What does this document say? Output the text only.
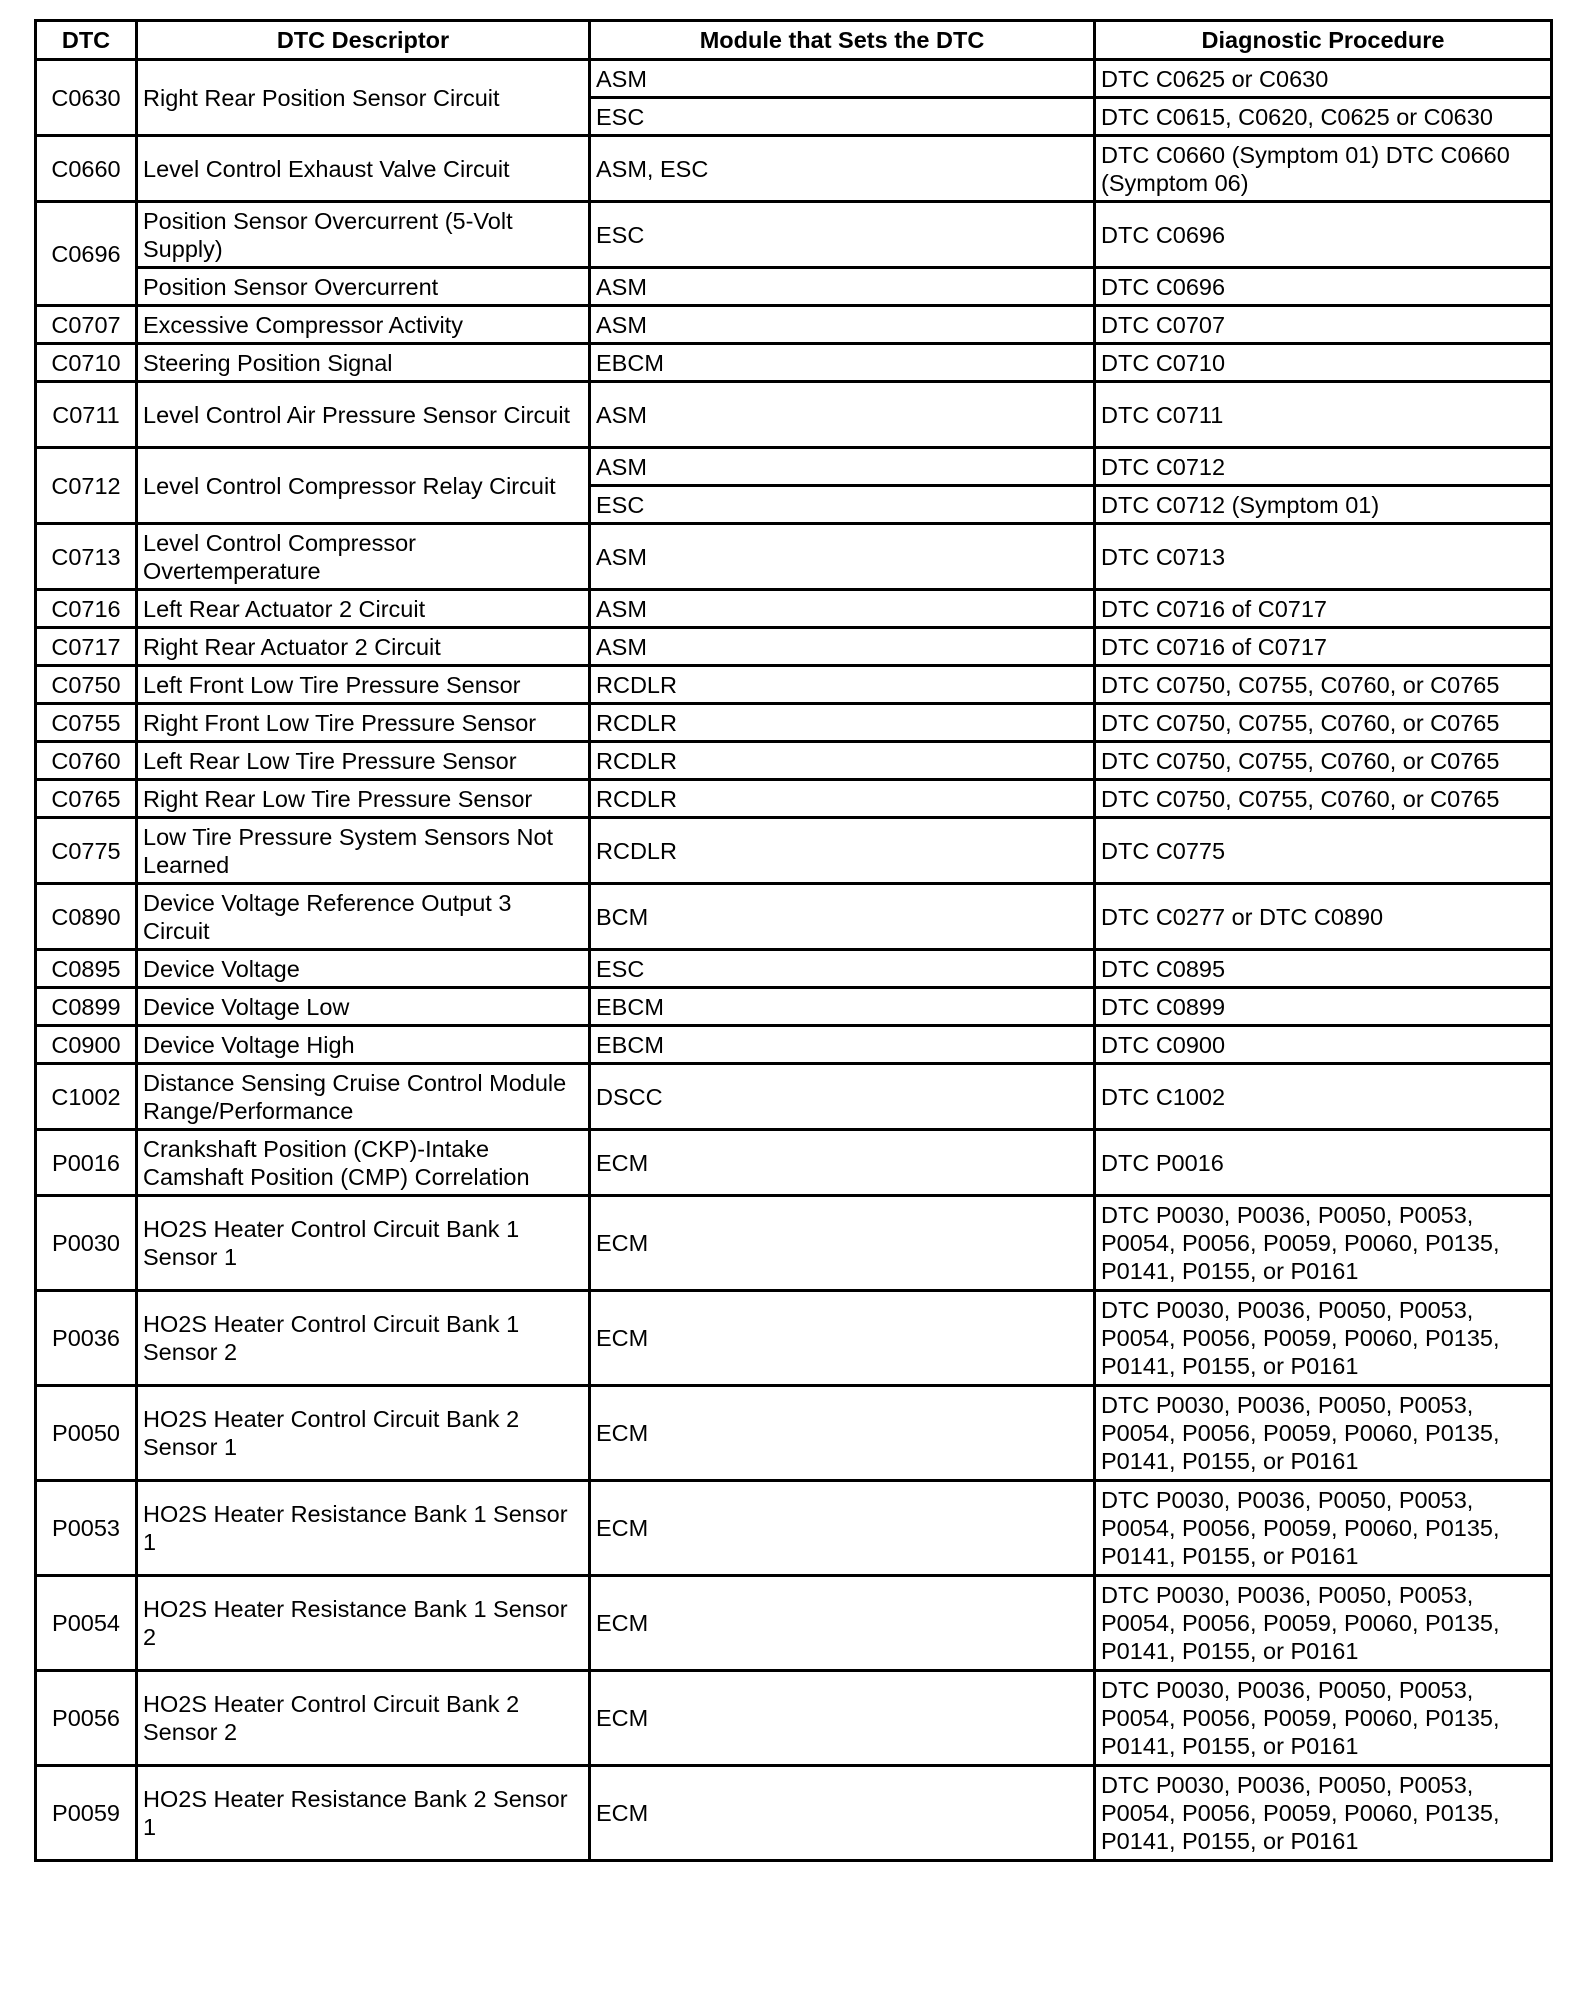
DTC	DTC Descriptor	Module that Sets the DTC	Diagnostic Procedure
C0630	Right Rear Position Sensor Circuit	ASM	DTC C0625 or C0630
		ESC	DTC C0615, C0620, C0625 or C0630
C0660	Level Control Exhaust Valve Circuit	ASM, ESC	DTC C0660 (Symptom 01) DTC C0660 (Symptom 06)
C0696	Position Sensor Overcurrent (5-Volt Supply)	ESC	DTC C0696
	Position Sensor Overcurrent	ASM	DTC C0696
C0707	Excessive Compressor Activity	ASM	DTC C0707
C0710	Steering Position Signal	EBCM	DTC C0710
C0711	Level Control Air Pressure Sensor Circuit	ASM	DTC C0711
C0712	Level Control Compressor Relay Circuit	ASM	DTC C0712
		ESC	DTC C0712 (Symptom 01)
C0713	Level Control Compressor Overtemperature	ASM	DTC C0713
C0716	Left Rear Actuator 2 Circuit	ASM	DTC C0716 of C0717
C0717	Right Rear Actuator 2 Circuit	ASM	DTC C0716 of C0717
C0750	Left Front Low Tire Pressure Sensor	RCDLR	DTC C0750, C0755, C0760, or C0765
C0755	Right Front Low Tire Pressure Sensor	RCDLR	DTC C0750, C0755, C0760, or C0765
C0760	Left Rear Low Tire Pressure Sensor	RCDLR	DTC C0750, C0755, C0760, or C0765
C0765	Right Rear Low Tire Pressure Sensor	RCDLR	DTC C0750, C0755, C0760, or C0765
C0775	Low Tire Pressure System Sensors Not Learned	RCDLR	DTC C0775
C0890	Device Voltage Reference Output 3 Circuit	BCM	DTC C0277 or DTC C0890
C0895	Device Voltage	ESC	DTC C0895
C0899	Device Voltage Low	EBCM	DTC C0899
C0900	Device Voltage High	EBCM	DTC C0900
C1002	Distance Sensing Cruise Control Module Range/Performance	DSCC	DTC C1002
P0016	Crankshaft Position (CKP)-Intake Camshaft Position (CMP) Correlation	ECM	DTC P0016
P0030	HO2S Heater Control Circuit Bank 1 Sensor 1	ECM	DTC P0030, P0036, P0050, P0053, P0054, P0056, P0059, P0060, P0135, P0141, P0155, or P0161
P0036	HO2S Heater Control Circuit Bank 1 Sensor 2	ECM	DTC P0030, P0036, P0050, P0053, P0054, P0056, P0059, P0060, P0135, P0141, P0155, or P0161
P0050	HO2S Heater Control Circuit Bank 2 Sensor 1	ECM	DTC P0030, P0036, P0050, P0053, P0054, P0056, P0059, P0060, P0135, P0141, P0155, or P0161
P0053	HO2S Heater Resistance Bank 1 Sensor 1	ECM	DTC P0030, P0036, P0050, P0053, P0054, P0056, P0059, P0060, P0135, P0141, P0155, or P0161
P0054	HO2S Heater Resistance Bank 1 Sensor 2	ECM	DTC P0030, P0036, P0050, P0053, P0054, P0056, P0059, P0060, P0135, P0141, P0155, or P0161
P0056	HO2S Heater Control Circuit Bank 2 Sensor 2	ECM	DTC P0030, P0036, P0050, P0053, P0054, P0056, P0059, P0060, P0135, P0141, P0155, or P0161
P0059	HO2S Heater Resistance Bank 2 Sensor 1	ECM	DTC P0030, P0036, P0050, P0053, P0054, P0056, P0059, P0060, P0135, P0141, P0155, or P0161
